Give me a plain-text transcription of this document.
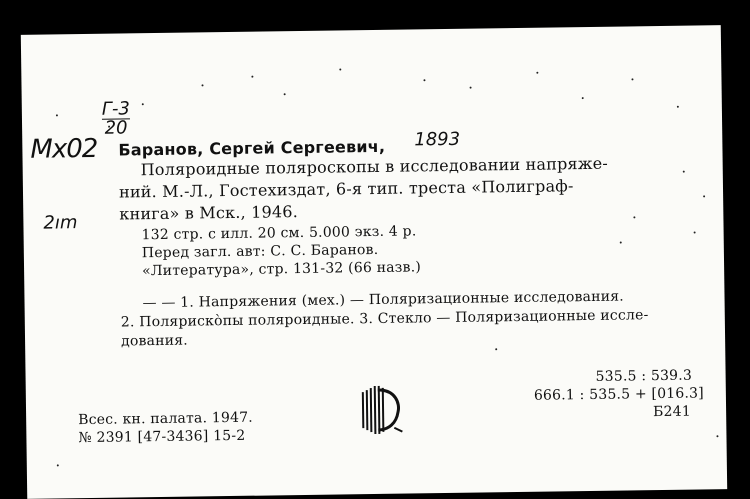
Г-3
20
Mx02
2ım
1893
Баранов, Сергей Сергеевич,
Поляроидные поляроскопы в исследовании напряже-
ний. М.-Л., Гостехиздат, 6-я тип. треста «Полиграф-
книга» в Мск., 1946.
132 стр. с илл. 20 см. 5.000 экз. 4 р.
Перед загл. авт: С. С. Баранов.
«Литература», стр. 131-32 (66 назв.)
— — 1. Напряжения (мех.) — Поляризационные исследования.
2. Поляриско̀пы поляроидные. 3. Стекло — Поляризационные иссле-
дования.
535.5 : 539.3
666.1 : 535.5 + [016.3]
Б241
Всес. кн. палата. 1947.
№ 2391 [47-3436] 15-2
